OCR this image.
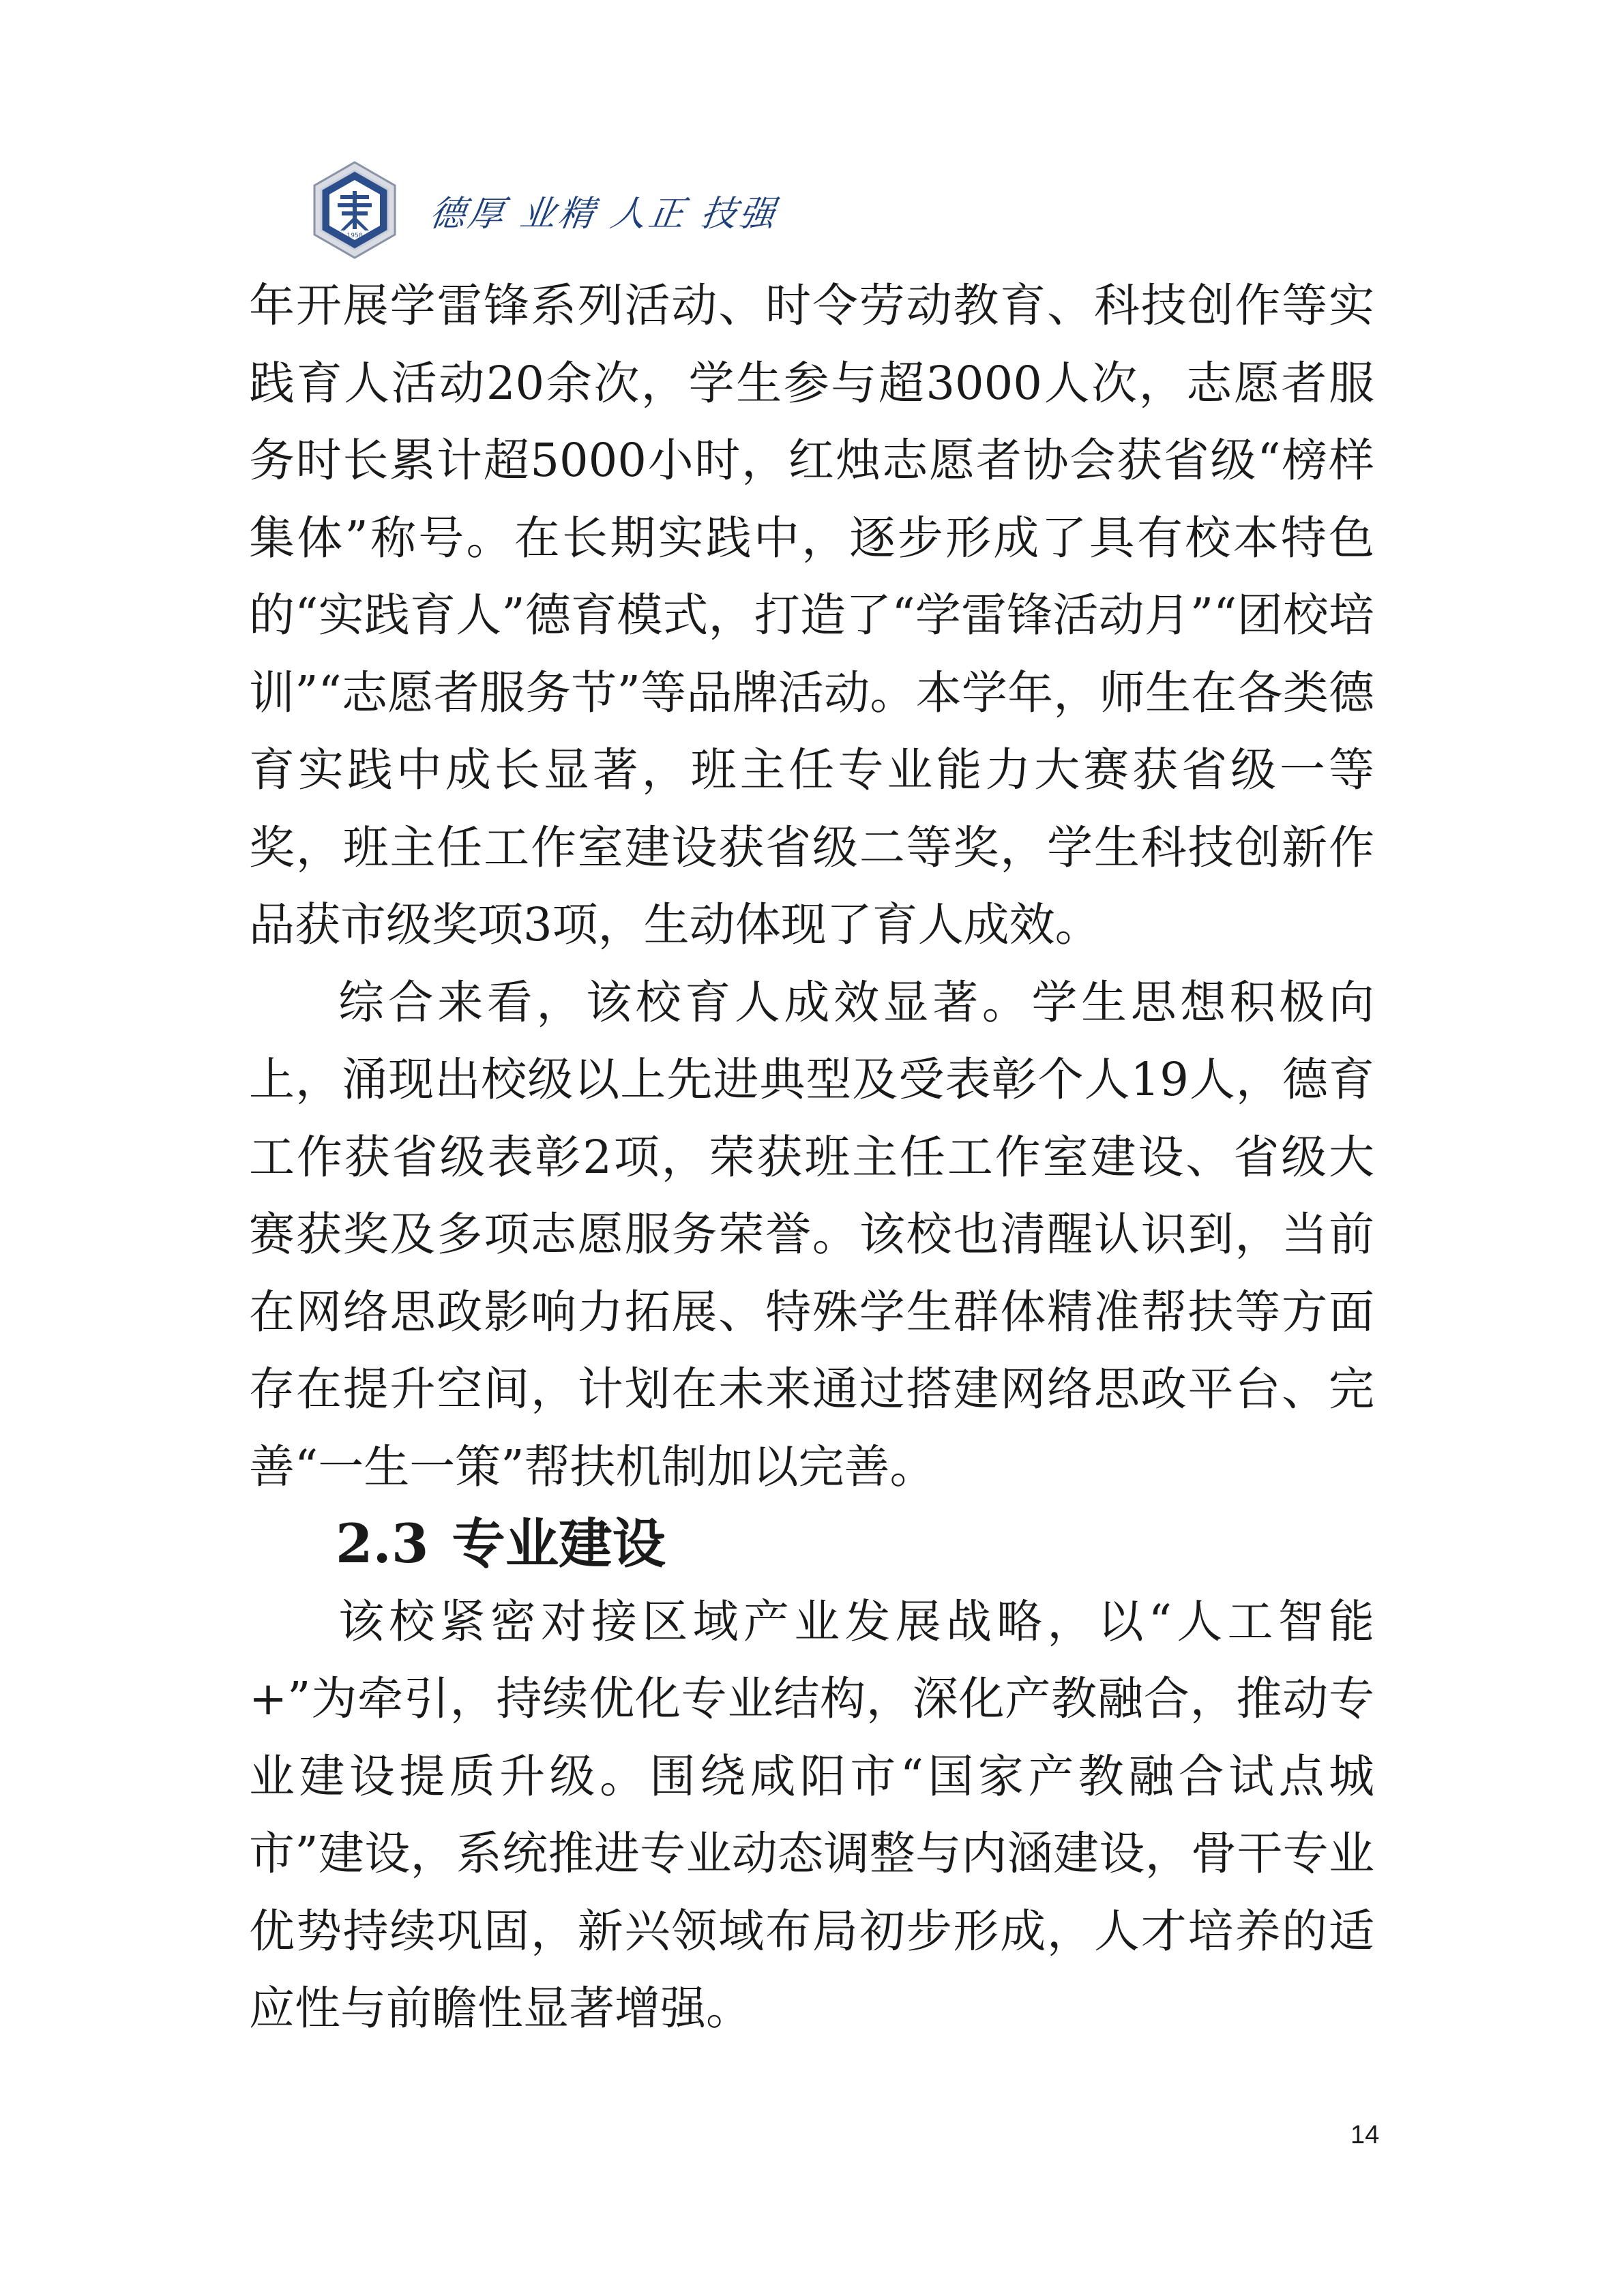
1958
德厚 业精 人正 技强

年开展学雷锋系列活动、时令劳动教育、科技创作等实践育人活动20余次，学生参与超3000人次，志愿者服务时长累计超5000小时，红烛志愿者协会获省级“榜样集体”称号。在长期实践中，逐步形成了具有校本特色的“实践育人”德育模式，打造了“学雷锋活动月”“团校培训”“志愿者服务节”等品牌活动。本学年，师生在各类德育实践中成长显著，班主任专业能力大赛获省级一等奖，班主任工作室建设获省级二等奖，学生科技创新作品获市级奖项3项，生动体现了育人成效。

综合来看，该校育人成效显著。学生思想积极向上，涌现出校级以上先进典型及受表彰个人19人，德育工作获省级表彰2项，荣获班主任工作室建设、省级大赛获奖及多项志愿服务荣誉。该校也清醒认识到，当前在网络思政影响力拓展、特殊学生群体精准帮扶等方面存在提升空间，计划在未来通过搭建网络思政平台、完善“一生一策”帮扶机制加以完善。

2.3 专业建设

该校紧密对接区域产业发展战略，以“人工智能+”为牵引，持续优化专业结构，深化产教融合，推动专业建设提质升级。围绕咸阳市“国家产教融合试点城市”建设，系统推进专业动态调整与内涵建设，骨干专业优势持续巩固，新兴领域布局初步形成，人才培养的适应性与前瞻性显著增强。

14
